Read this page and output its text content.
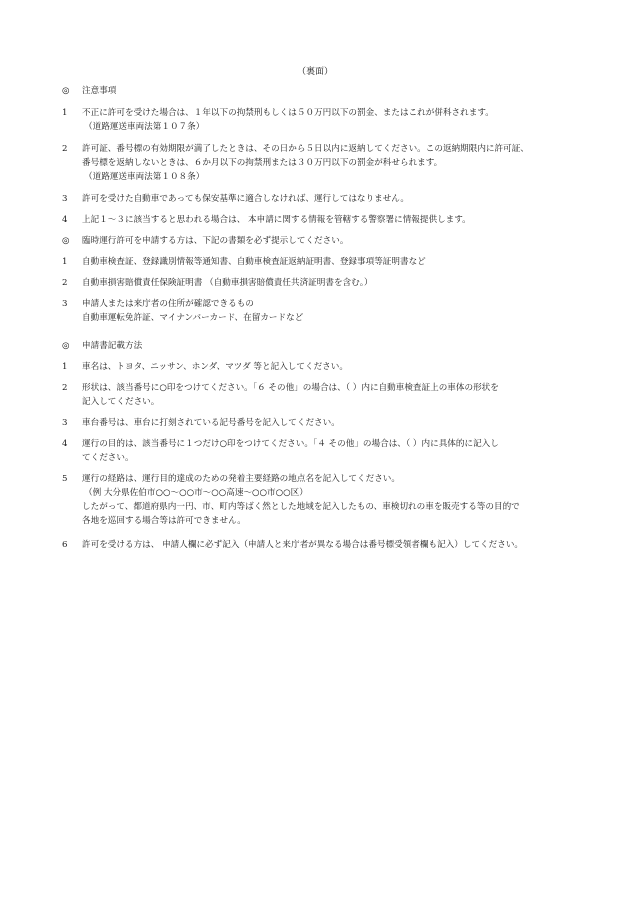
（裏面）
◎ 注意事項
1	不正に許可を受けた場合は、１年以下の拘禁刑もしくは５０万円以下の罰金、またはこれが併科されます。
（道路運送車両法第１０７条）
2	許可証、番号標の有効期限が満了したときは、その日から５日以内に返納してください。この返納期限内に許可証、
番号標を返納しないときは、６か月以下の拘禁刑または３０万円以下の罰金が科せられます。
（道路運送車両法第１０８条）
3	許可を受けた自動車であっても保安基準に適合しなければ、運行してはなりません。
4	上記１～３に該当すると思われる場合は、 本申請に関する情報を管轄する警察署に情報提供します。
◎ 臨時運行許可を申請する方は、下記の書類を必ず提示してください。
1	自動車検査証、登録識別情報等通知書、自動車検査証返納証明書、登録事項等証明書など
2	自動車損害賠償責任保険証明書 （自動車損害賠償責任共済証明書を含む。）
3	申請人または来庁者の住所が確認できるもの
自動車運転免許証、マイナンバーカード、在留カードなど
◎ 申請書記載方法
1	車名は、トヨタ、ニッサン、ホンダ、マツダ 等と記入してください。
2	形状は、該当番号に○印をつけてください。「６ その他」の場合は、（ ）内に自動車検査証上の車体の形状を
記入してください。
3	車台番号は、車台に打刻されている記号番号を記入してください。
4	運行の目的は、該当番号に１つだけ○印をつけてください。「４ その他」の場合は、（ ）内に具体的に記入し
てください。
5	運行の経路は、運行目的達成のための発着主要経路の地点名を記入してください。
（例 大分県佐伯市○○～○○市～○○高速～○○市○○区）
したがって、都道府県内一円、市、町内等ばく然とした地域を記入したもの、車検切れの車を販売する等の目的で
各地を巡回する場合等は許可できません。
6	許可を受ける方は、 申請人欄に必ず記入（申請人と来庁者が異なる場合は番号標受領者欄も記入）してください。
